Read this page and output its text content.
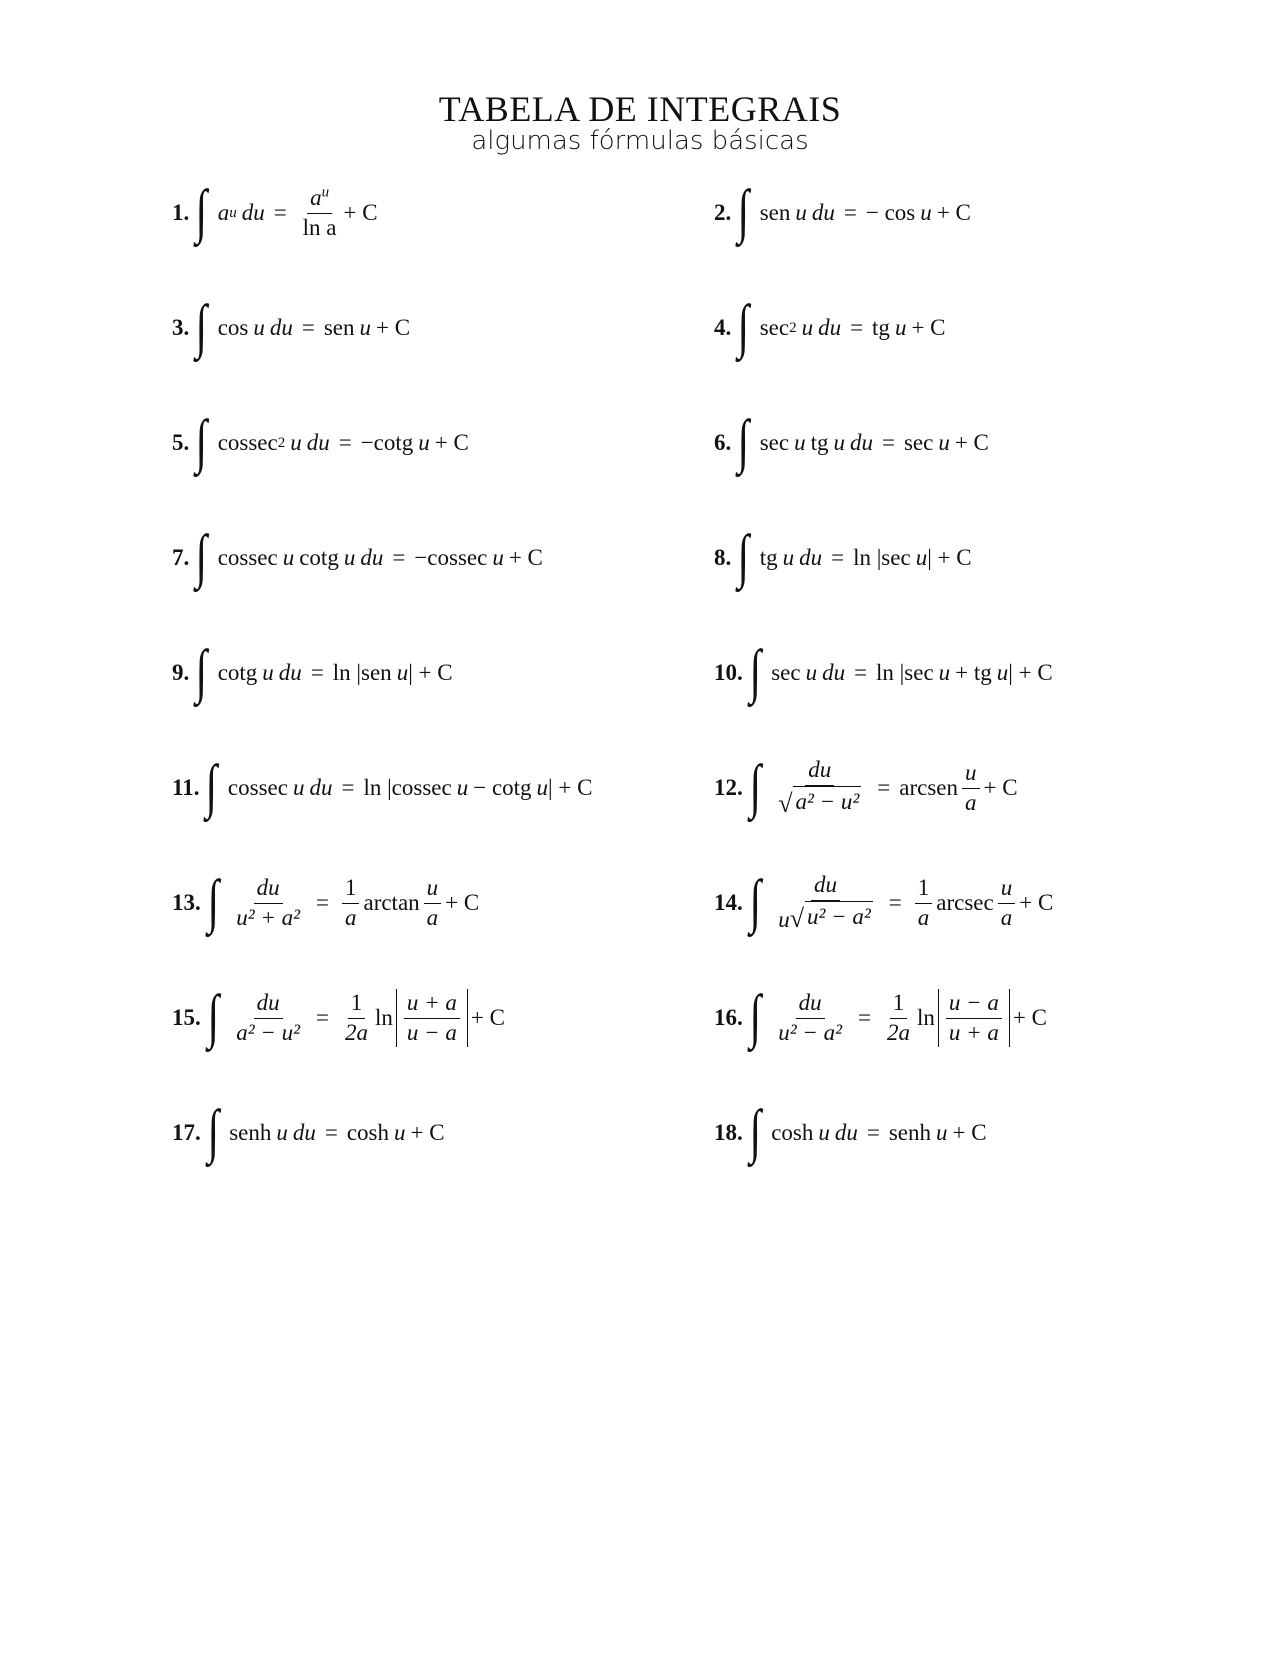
TABELA DE INTEGRAIS
algumas fórmulas básicas
1. ∫ a u du = $\frac{a^u}{\text{ln a}} + C$	2. ∫ sen u du = − cos u + C
3. ∫ cos u du = sen u + C	4. ∫ sec 2 u du = tg u + C
5. ∫ cossec 2 u du = −cotg u + C	6. ∫ sec u tg u du = sec u + C
7. ∫ cossec u cotg u du = −cossec u + C	8. ∫ tg u du = ln |sec u | + C
9. ∫ cotg u du = ln |sen u | + C	10. ∫ sec u du = ln |sec u + tg u | + C
11. ∫ cossec u du = ln |cossec u − cotg u | + C	12. ∫ $\frac{du}{\text{√ a² − u²}}$ = arcsen $\frac{u}{a} + C$
13. ∫ $\frac{du}{\text{u² + a²}} = \frac{1}{a}$ $\arctan \frac{u}{a} + C$	14. ∫ $\frac{du}{\text{u √ u² − a²}} = \frac{1}{a}$ arcsec $\frac{u}{a} + C$
15. ∫ $\frac{du}{\text{a² − u²}} = \frac{1}{2a}$ $\ln \frac{u + a}{u - a} + C$	16. ∫ $\frac{du}{\text{u² − a²}} = \frac{1}{2a}$ $\ln \frac{u - a}{u + a} + C$
17. ∫ senh u du = cosh u + C	18. ∫ cosh u du = senh u + C
